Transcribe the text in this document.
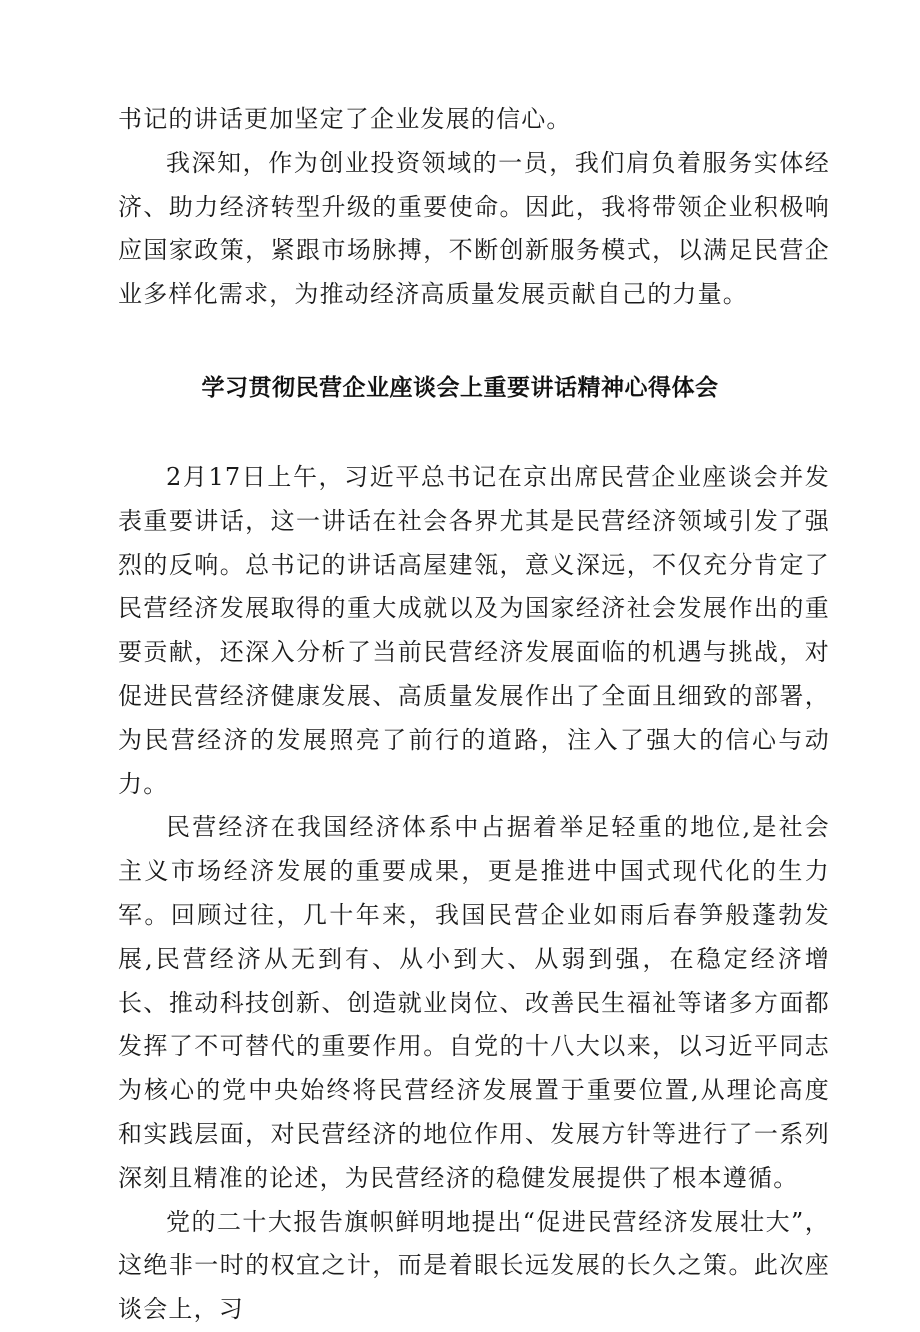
书记的讲话更加坚定了企业发展的信心。

我深知，作为创业投资领域的一员，我们肩负着服务实体经济、助力经济转型升级的重要使命。因此，我将带领企业积极响应国家政策，紧跟市场脉搏，不断创新服务模式，以满足民营企业多样化需求，为推动经济高质量发展贡献自己的力量。

学习贯彻民营企业座谈会上重要讲话精神心得体会

2月17日上午，习近平总书记在京出席民营企业座谈会并发表重要讲话，这一讲话在社会各界尤其是民营经济领域引发了强烈的反响。总书记的讲话高屋建瓴，意义深远，不仅充分肯定了民营经济发展取得的重大成就以及为国家经济社会发展作出的重要贡献，还深入分析了当前民营经济发展面临的机遇与挑战，对促进民营经济健康发展、高质量发展作出了全面且细致的部署，为民营经济的发展照亮了前行的道路，注入了强大的信心与动力。

民营经济在我国经济体系中占据着举足轻重的地位,是社会主义市场经济发展的重要成果，更是推进中国式现代化的生力军。回顾过往，几十年来，我国民营企业如雨后春笋般蓬勃发展,民营经济从无到有、从小到大、从弱到强，在稳定经济增长、推动科技创新、创造就业岗位、改善民生福祉等诸多方面都发挥了不可替代的重要作用。自党的十八大以来，以习近平同志为核心的党中央始终将民营经济发展置于重要位置,从理论高度和实践层面，对民营经济的地位作用、发展方针等进行了一系列深刻且精准的论述，为民营经济的稳健发展提供了根本遵循。

党的二十大报告旗帜鲜明地提出“促进民营经济发展壮大”，这绝非一时的权宜之计，而是着眼长远发展的长久之策。此次座谈会上，习
